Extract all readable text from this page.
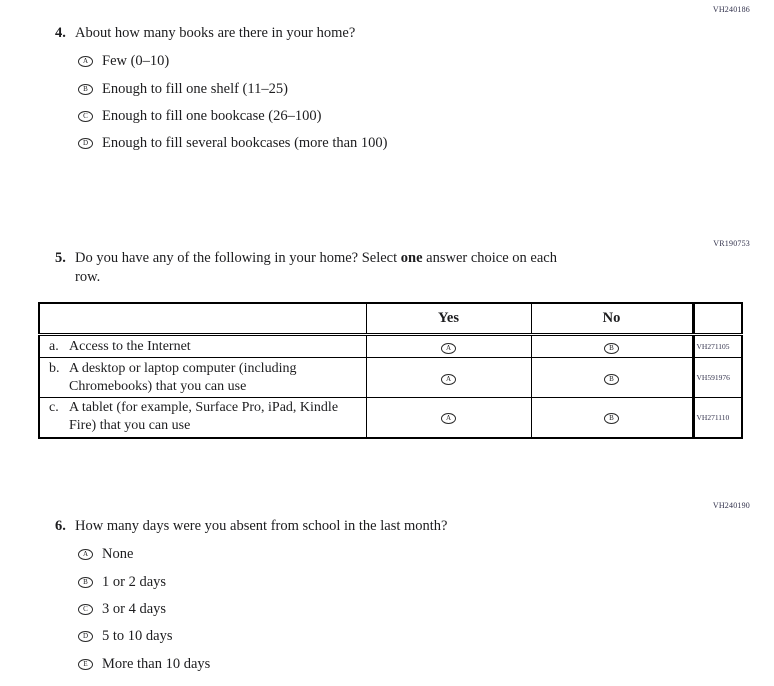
VH240186
4. About how many books are there in your home?
A Few (0–10)
B Enough to fill one shelf (11–25)
C Enough to fill one bookcase (26–100)
D Enough to fill several bookcases (more than 100)
VR190753
5. Do you have any of the following in your home? Select one answer choice on each
row.
	Yes	No	

a. Access to the Internet	A	B	VH271105

b. A desktop or laptop computer (including Chromebooks) that you can use	A	B	VH591976

c. A tablet (for example, Surface Pro, iPad, Kindle Fire) that you can use	A	B	VH271110
VH240190
6. How many days were you absent from school in the last month?
A None
B 1 or 2 days
C 3 or 4 days
D 5 to 10 days
E More than 10 days
